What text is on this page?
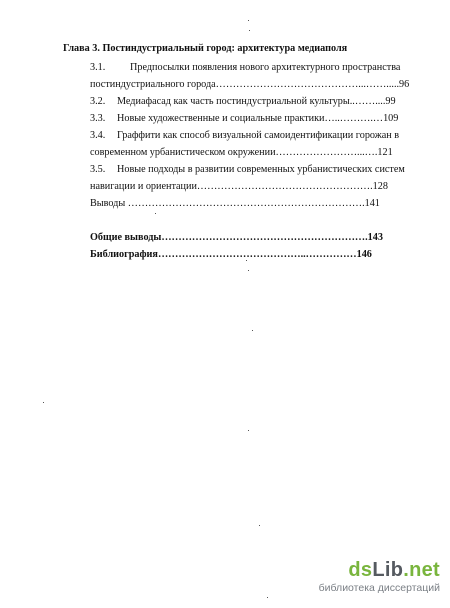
Глава 3. Постиндустриальный город: архитектура медиаполя
3.1. Предпосылки появления нового архитектурного пространства
постиндустриального города……………………………………...…….....96
3.2. Медиафасад как часть постиндустриальной культуры..……....99
3.3. Новые художественные и социальные практики…..……….…109
3.4. Граффити как способ визуальной самоидентификации горожан в
современном урбанистическом окружении……………………...….121
3.5. Новые подходы в развитии современных урбанистических систем
навигации и ориентации…………………………………………….128
Выводы …………………………………………………………….141
Общие выводы…………………………………………………….143
Библиография……………………………………..……………146
dsLib.net
библиотека диссертаций
